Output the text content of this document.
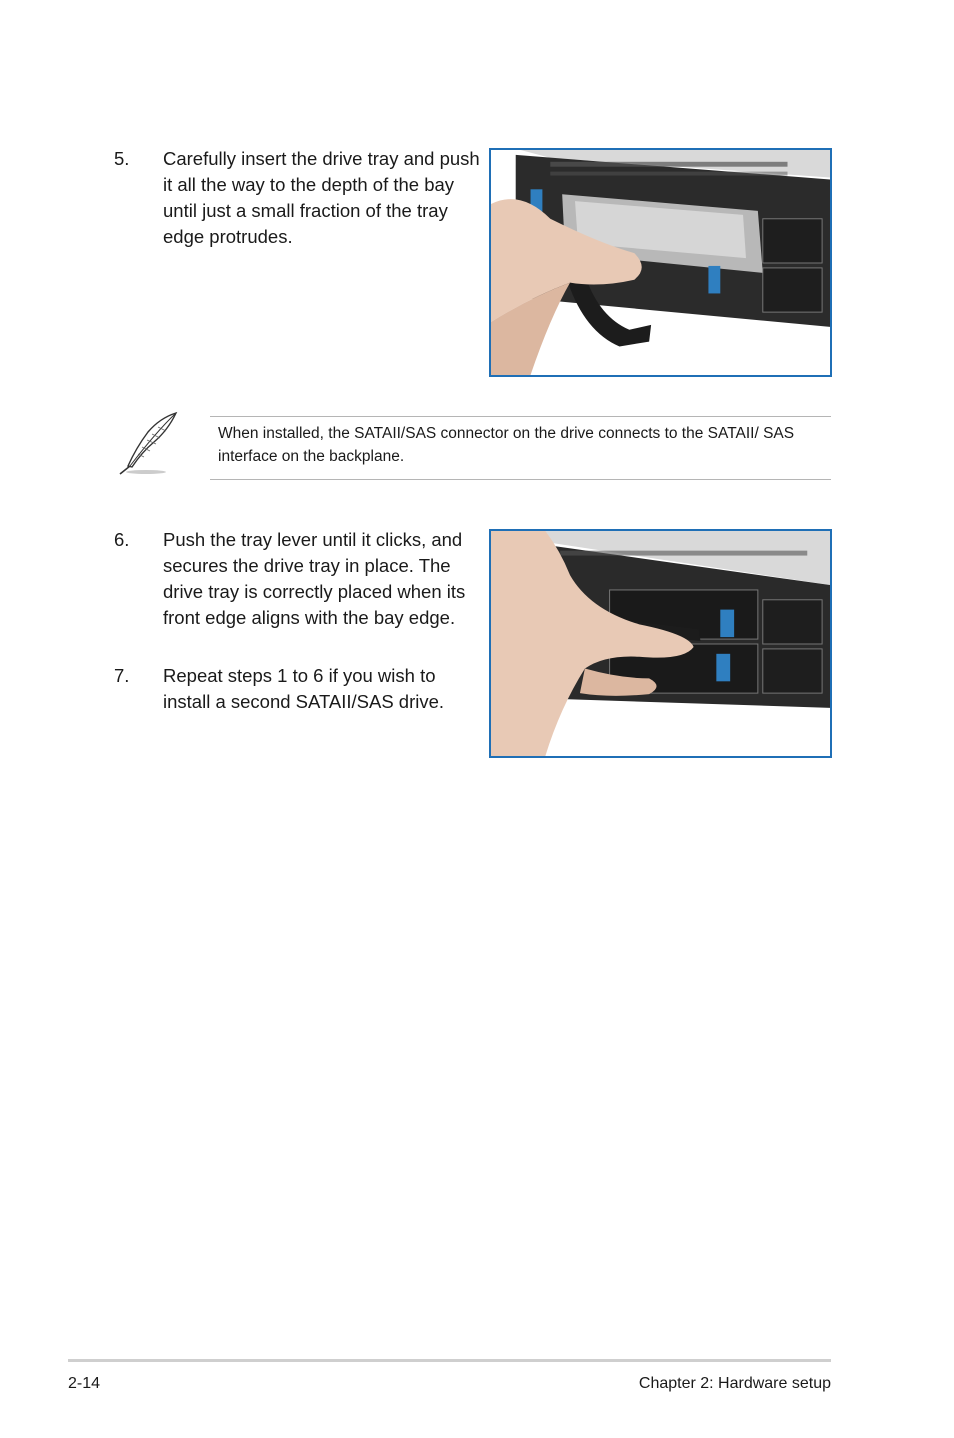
5. Carefully insert the drive tray and push it all the way to the depth of the bay until just a small fraction of the tray edge protrudes.
When installed, the SATAII/SAS connector on the drive connects to the SATAII/ SAS interface on the backplane.
6. Push the tray lever until it clicks, and secures the drive tray in place. The drive tray is correctly placed when its front edge aligns with the bay edge.
7. Repeat steps 1 to 6 if you wish to install a second SATAII/SAS drive.
2-14	Chapter 2: Hardware setup
